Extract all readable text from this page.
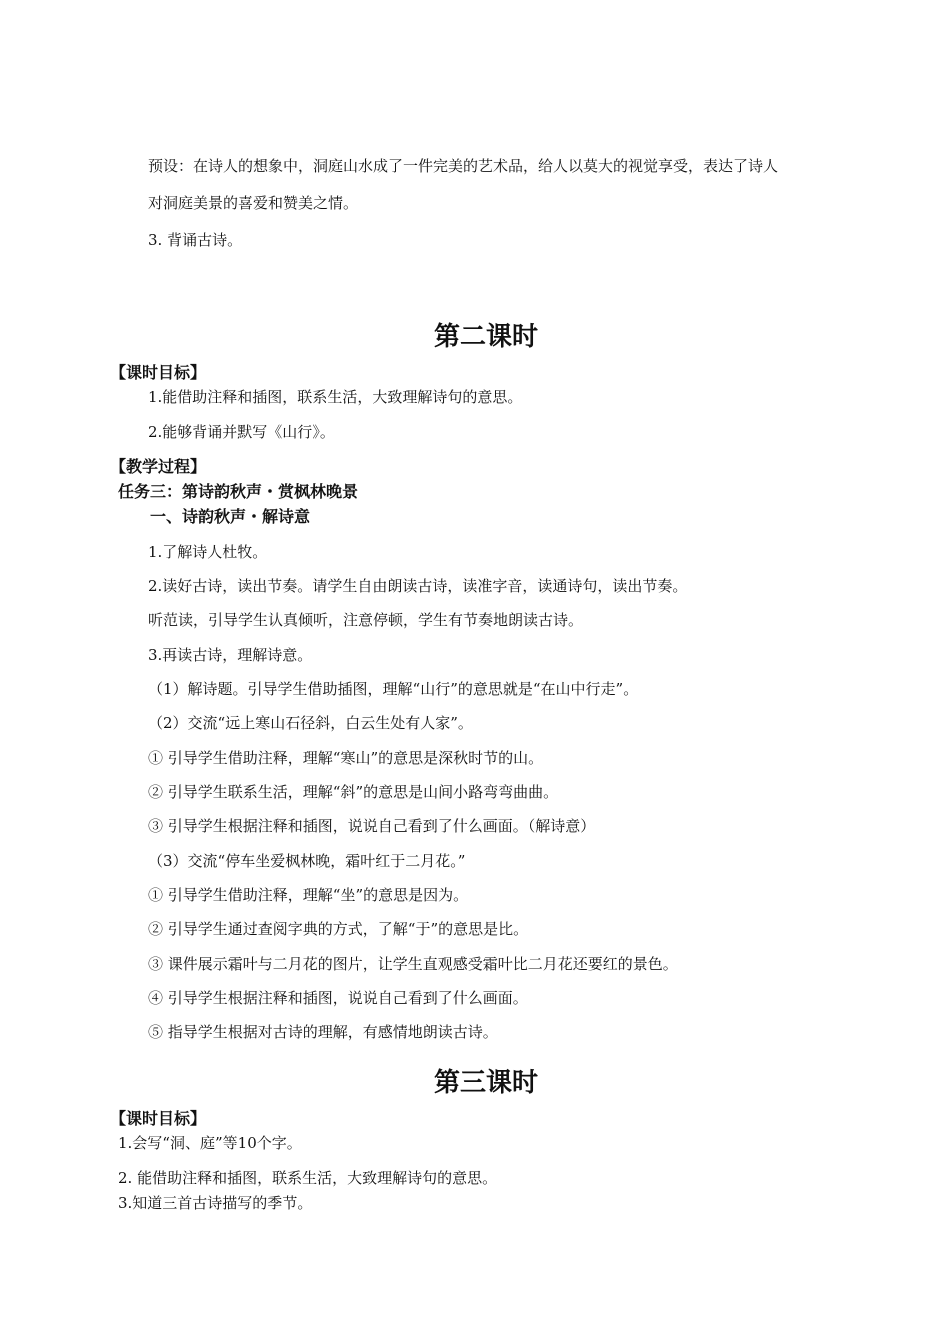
预设：在诗人的想象中，洞庭山水成了一件完美的艺术品，给人以莫大的视觉享受，表达了诗人
对洞庭美景的喜爱和赞美之情。
3. 背诵古诗。
第二课时
【课时目标】
1.能借助注释和插图，联系生活，大致理解诗句的意思。
2.能够背诵并默写《山行》。
【教学过程】
任务三：第诗韵秋声・赏枫林晚景
一、诗韵秋声・解诗意
1.了解诗人杜牧。
2.读好古诗，读出节奏。请学生自由朗读古诗，读准字音，读通诗句，读出节奏。
听范读，引导学生认真倾听，注意停顿，学生有节奏地朗读古诗。
3.再读古诗，理解诗意。
（1）解诗题。引导学生借助插图，理解“山行”的意思就是“在山中行走”。
（2）交流“远上寒山石径斜，白云生处有人家”。
① 引导学生借助注释，理解“寒山”的意思是深秋时节的山。
② 引导学生联系生活，理解“斜”的意思是山间小路弯弯曲曲。
③ 引导学生根据注释和插图，说说自己看到了什么画面。（解诗意）
（3）交流“停车坐爱枫林晚，霜叶红于二月花。”
① 引导学生借助注释，理解“坐”的意思是因为。
② 引导学生通过查阅字典的方式，了解“于”的意思是比。
③ 课件展示霜叶与二月花的图片，让学生直观感受霜叶比二月花还要红的景色。
④ 引导学生根据注释和插图，说说自己看到了什么画面。
⑤ 指导学生根据对古诗的理解，有感情地朗读古诗。
第三课时
【课时目标】
1.会写“洞、庭”等10个字。
2. 能借助注释和插图，联系生活，大致理解诗句的意思。
3.知道三首古诗描写的季节。
